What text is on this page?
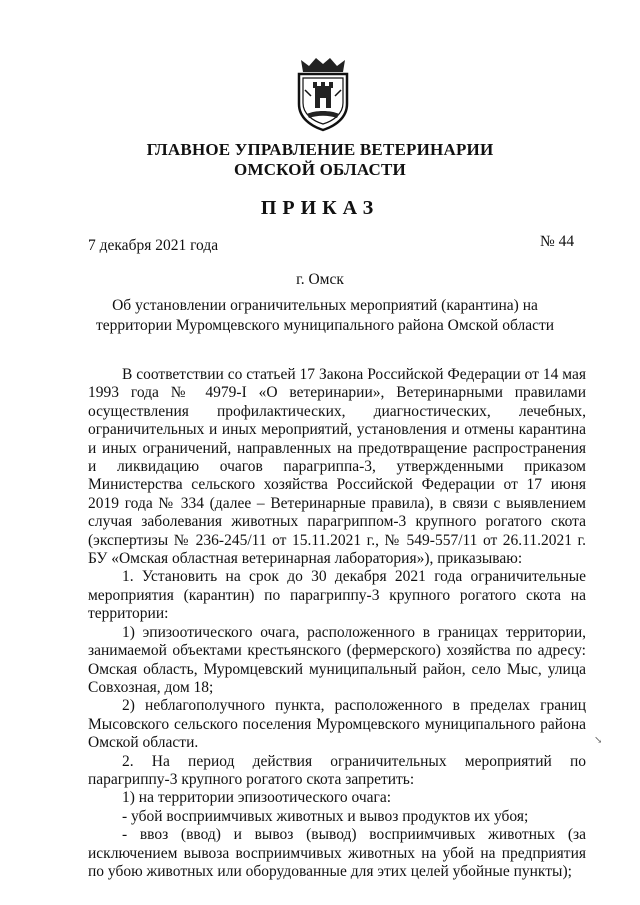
ГЛАВНОЕ УПРАВЛЕНИЕ ВЕТЕРИНАРИИ
ОМСКОЙ ОБЛАСТИ
ПРИКАЗ
7 декабря 2021 года	№ 44
г. Омск
Об установлении ограничительных мероприятий (карантина) на территории Муромцевского муниципального района Омской области

В соответствии со статьей 17 Закона Российской Федерации от 14 мая 1993 года № 4979-I «О ветеринарии», Ветеринарными правилами осуществления профилактических, диагностических, лечебных, ограничительных и иных мероприятий, установления и отмены карантина и иных ограничений, направленных на предотвращение распространения и ликвидацию очагов парагриппа-3, утвержденными приказом Министерства сельского хозяйства Российской Федерации от 17 июня 2019 года № 334 (далее – Ветеринарные правила), в связи с выявлением случая заболевания животных парагриппом-3 крупного рогатого скота (экспертизы № 236-245/11 от 15.11.2021 г., № 549-557/11 от 26.11.2021 г. БУ «Омская областная ветеринарная лаборатория»), приказываю:

1. Установить на срок до 30 декабря 2021 года ограничительные мероприятия (карантин) по парагриппу-3 крупного рогатого скота на территории:

1) эпизоотического очага, расположенного в границах территории, занимаемой объектами крестьянского (фермерского) хозяйства по адресу: Омская область, Муромцевский муниципальный район, село Мыс, улица Совхозная, дом 18;

2) неблагополучного пункта, расположенного в пределах границ Мысовского сельского поселения Муромцевского муниципального района Омской области.

2. На период действия ограничительных мероприятий по парагриппу-3 крупного рогатого скота запретить:

1) на территории эпизоотического очага:

- убой восприимчивых животных и вывоз продуктов их убоя;

- ввоз (ввод) и вывоз (вывод) восприимчивых животных (за исключением вывоза восприимчивых животных на убой на предприятия по убою животных или оборудованные для этих целей убойные пункты);

↘
